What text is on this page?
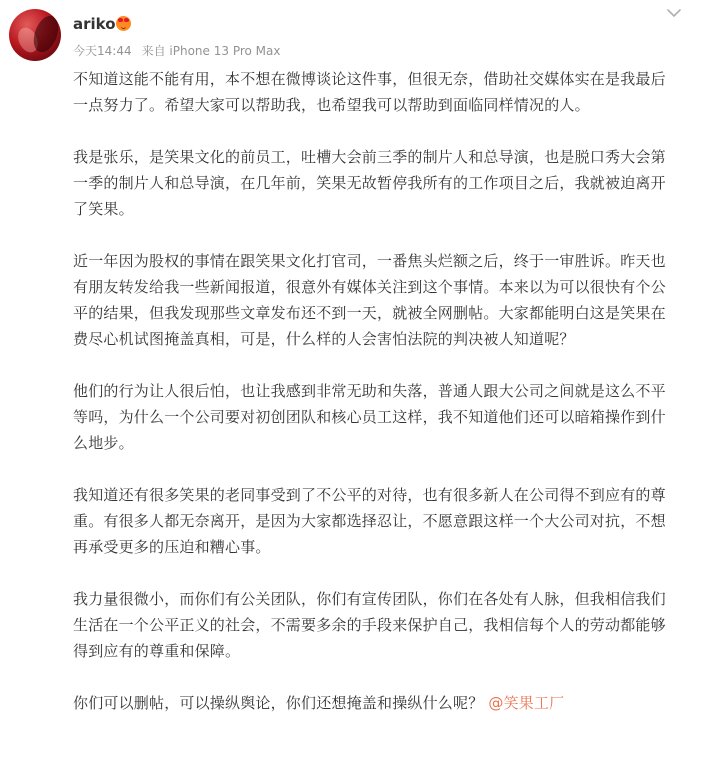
ariko
今天14:44 来自 iPhone 13 Pro Max

不知道这能不能有用，本不想在微博谈论这件事，但很无奈，借助社交媒体实在是我最后一点努力了。希望大家可以帮助我，也希望我可以帮助到面临同样情况的人。

我是张乐，是笑果文化的前员工，吐槽大会前三季的制片人和总导演，也是脱口秀大会第一季的制片人和总导演，在几年前，笑果无故暂停我所有的工作项目之后，我就被迫离开了笑果。

近一年因为股权的事情在跟笑果文化打官司，一番焦头烂额之后，终于一审胜诉。昨天也有朋友转发给我一些新闻报道，很意外有媒体关注到这个事情。本来以为可以很快有个公平的结果，但我发现那些文章发布还不到一天，就被全网删帖。大家都能明白这是笑果在费尽心机试图掩盖真相，可是，什么样的人会害怕法院的判决被人知道呢？

他们的行为让人很后怕，也让我感到非常无助和失落，普通人跟大公司之间就是这么不平等吗，为什么一个公司要对初创团队和核心员工这样，我不知道他们还可以暗箱操作到什么地步。

我知道还有很多笑果的老同事受到了不公平的对待，也有很多新人在公司得不到应有的尊重。有很多人都无奈离开，是因为大家都选择忍让，不愿意跟这样一个大公司对抗，不想再承受更多的压迫和糟心事。

我力量很微小，而你们有公关团队，你们有宣传团队，你们在各处有人脉，但我相信我们生活在一个公平正义的社会，不需要多余的手段来保护自己，我相信每个人的劳动都能够得到应有的尊重和保障。

你们可以删帖，可以操纵舆论，你们还想掩盖和操纵什么呢？ @笑果工厂
